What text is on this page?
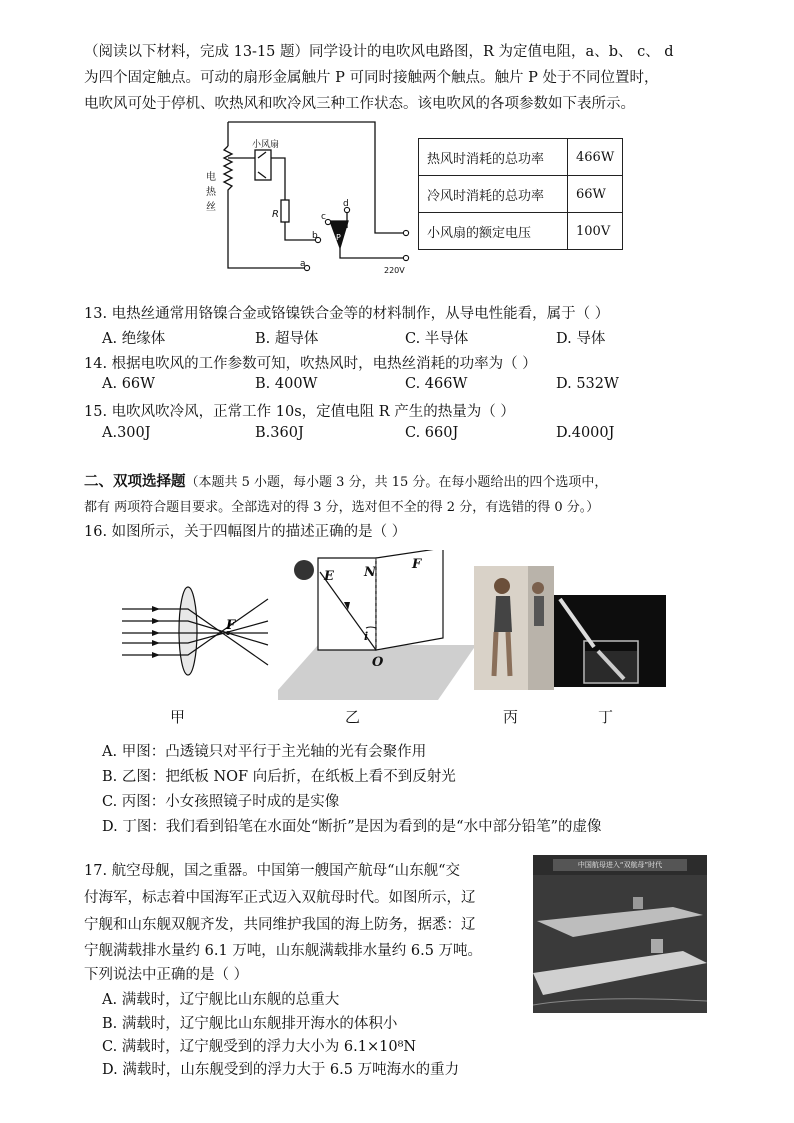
（阅读以下材料，完成 13-15 题）同学设计的电吹风电路图，R 为定值电阻，a、b、 c、 d
为四个固定触点。可动的扇形金属触片 P 可同时接触两个触点。触片 P 处于不同位置时，
电吹风可处于停机、吹热风和吹冷风三种工作状态。该电吹风的各项参数如下表所示。
小风扇
R
b
a
c
d
P
220V
电热丝
热风时消耗的总功率	466W
冷风时消耗的总功率	66W
小风扇的额定电压	100V
13. 电热丝通常用铬镍合金或铬镍铁合金等的材料制作，从导电性能看，属于（ ）
A. 绝缘体	B. 超导体	C. 半导体	D. 导体
14. 根据电吹风的工作参数可知，吹热风时，电热丝消耗的功率为（ ）
A. 66W	B. 400W	C. 466W	D. 532W
15. 电吹风吹冷风，正常工作 10s，定值电阻 R 产生的热量为（ ）
A.300J	B.360J	C. 660J	D.4000J
二、双项选择题（本题共 5 小题，每小题 3 分，共 15 分。在每小题给出的四个选项中，
都有 两项符合题目要求。全部选对的得 3 分，选对但不全的得 2 分，有选错的得 0 分。）
16. 如图所示，关于四幅图片的描述正确的是（ ）
F
E N
F
i
O
甲	乙	丙	丁
A. 甲图：凸透镜只对平行于主光轴的光有会聚作用
B. 乙图：把纸板 NOF 向后折，在纸板上看不到反射光
C. 丙图：小女孩照镜子时成的是实像
D. 丁图：我们看到铅笔在水面处“断折”是因为看到的是“水中部分铅笔”的虚像
17. 航空母舰，国之重器。中国第一艘国产航母“山东舰“交
付海军，标志着中国海军正式迈入双航母时代。如图所示，辽
宁舰和山东舰双舰齐发，共同维护我国的海上防务，据悉：辽
宁舰满载排水量约 6.1 万吨，山东舰满载排水量约 6.5 万吨。
下列说法中正确的是（ ）
A. 满载时，辽宁舰比山东舰的总重大
B. 满载时，辽宁舰比山东舰排开海水的体积小
C. 满载时，辽宁舰受到的浮力大小为 6.1×10⁸N
D. 满载时，山东舰受到的浮力大于 6.5 万吨海水的重力
中国航母进入“双航母”时代
